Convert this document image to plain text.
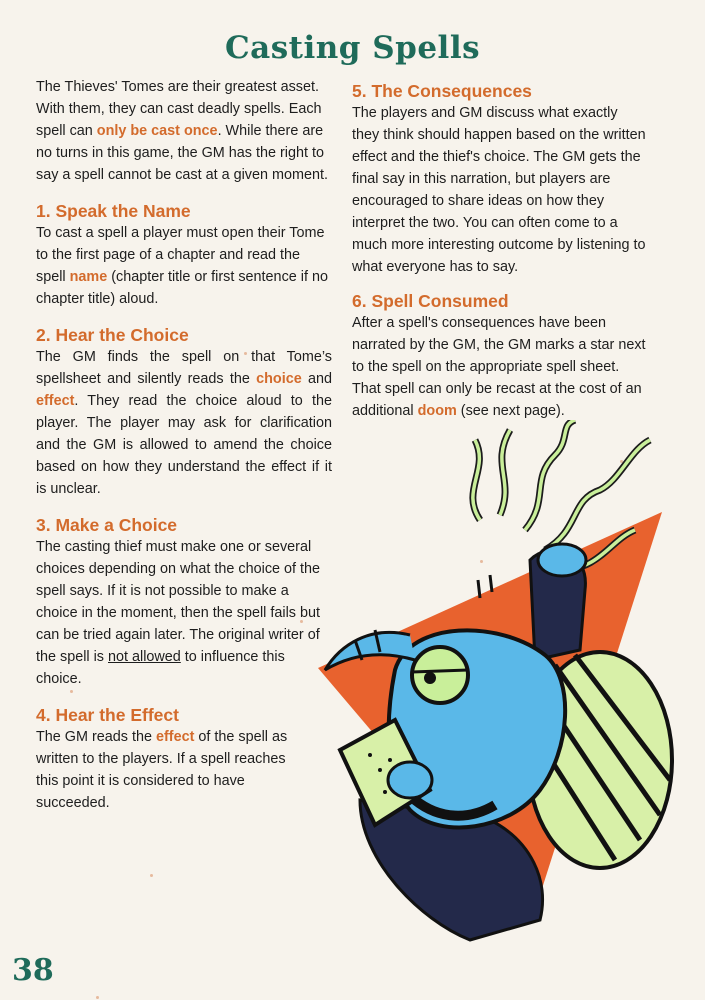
Casting Spells

The Thieves' Tomes are their greatest asset. With them, they can cast deadly spells. Each spell can only be cast once. While there are no turns in this game, the GM has the right to say a spell cannot be cast at a given moment.

1. Speak the Name

To cast a spell a player must open their Tome to the first page of a chapter and read the spell name (chapter title or first sentence if no chapter title) aloud.

2. Hear the Choice

The GM finds the spell on that Tome’s spellsheet and silently reads the choice and effect. They read the choice aloud to the player. The player may ask for clarification and the GM is allowed to amend the choice based on how they understand the effect if it is unclear.

3. Make a Choice

The casting thief must make one or several choices depending on what the choice of the spell says. If it is not possible to make a choice in the moment, then the spell fails but can be tried again later. The original writer of the spell is not allowed to influence this choice.

4. Hear the Effect

The GM reads the effect of the spell as written to the players. If a spell reaches this point it is considered to have succeeded.

5. The Consequences

The players and GM discuss what exactly they think should happen based on the written effect and the thief's choice. The GM gets the final say in this narration, but players are encouraged to share ideas on how they interpret the two. You can often come to a much more interesting outcome by listening to what everyone has to say.

6. Spell Consumed

After a spell's consequences have been narrated by the GM, the GM marks a star next to the spell on the appropriate spell sheet. That spell can only be recast at the cost of an additional doom (see next page).

38
